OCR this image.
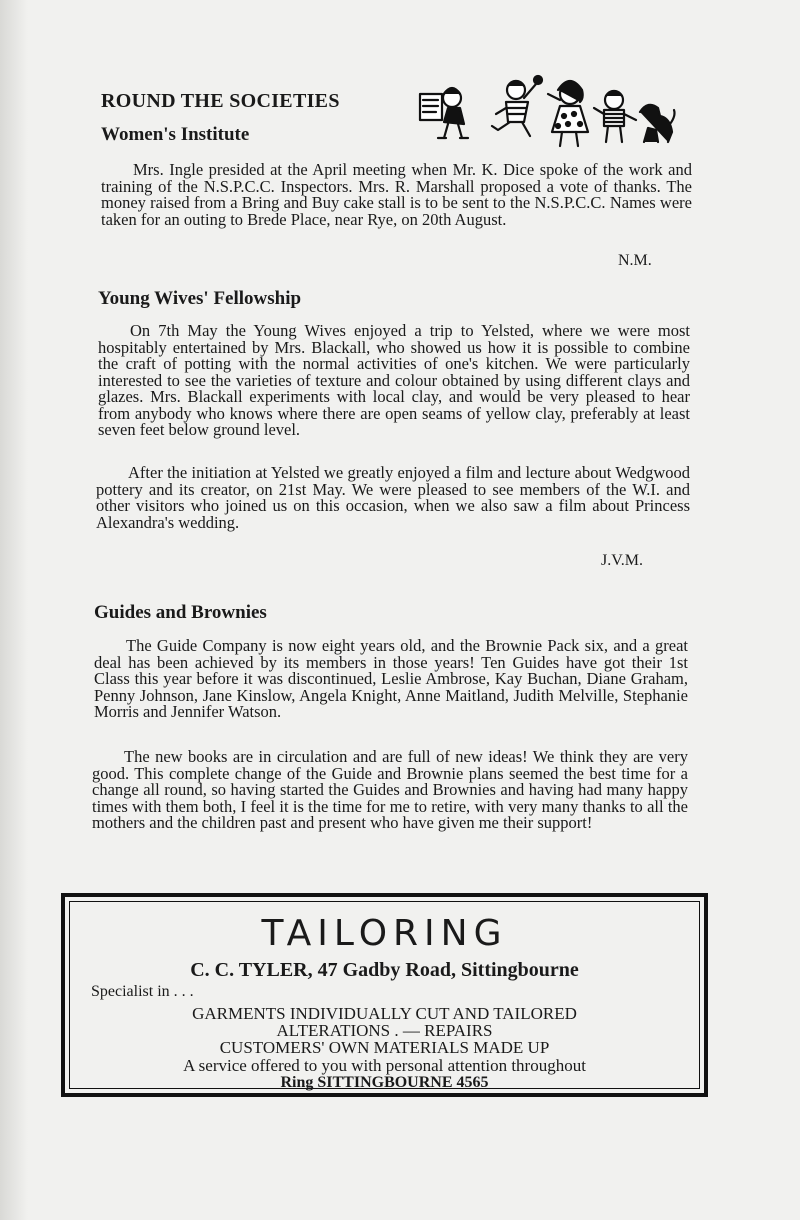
ROUND THE SOCIETIES
Women's Institute

Mrs. Ingle presided at the April meeting when Mr. K. Dice spoke of the work and training of the N.S.P.C.C. Inspectors. Mrs. R. Marshall proposed a vote of thanks. The money raised from a Bring and Buy cake stall is to be sent to the N.S.P.C.C. Names were taken for an outing to Brede Place, near Rye, on 20th August.

N.M.

Young Wives' Fellowship

On 7th May the Young Wives enjoyed a trip to Yelsted, where we were most hospitably entertained by Mrs. Blackall, who showed us how it is possible to combine the craft of potting with the normal activities of one's kitchen. We were particularly interested to see the varieties of texture and colour obtained by using different clays and glazes. Mrs. Blackall experiments with local clay, and would be very pleased to hear from anybody who knows where there are open seams of yellow clay, preferably at least seven feet below ground level.

After the initiation at Yelsted we greatly enjoyed a film and lecture about Wedgwood pottery and its creator, on 21st May. We were pleased to see members of the W.I. and other visitors who joined us on this occasion, when we also saw a film about Princess Alexandra's wedding.

J.V.M.

Guides and Brownies

The Guide Company is now eight years old, and the Brownie Pack six, and a great deal has been achieved by its members in those years! Ten Guides have got their 1st Class this year before it was discontinued, Leslie Ambrose, Kay Buchan, Diane Graham, Penny Johnson, Jane Kinslow, Angela Knight, Anne Maitland, Judith Melville, Stephanie Morris and Jennifer Watson.

The new books are in circulation and are full of new ideas! We think they are very good. This complete change of the Guide and Brownie plans seemed the best time for a change all round, so having started the Guides and Brownies and having had many happy times with them both, I feel it is the time for me to retire, with very many thanks to all the mothers and the children past and present who have given me their support!

TAILORING

C. C. TYLER, 47 Gadby Road, Sittingbourne

Specialist in . . .

GARMENTS INDIVIDUALLY CUT AND TAILORED

ALTERATIONS . — REPAIRS

CUSTOMERS' OWN MATERIALS MADE UP

A service offered to you with personal attention throughout

Ring SITTINGBOURNE 4565
